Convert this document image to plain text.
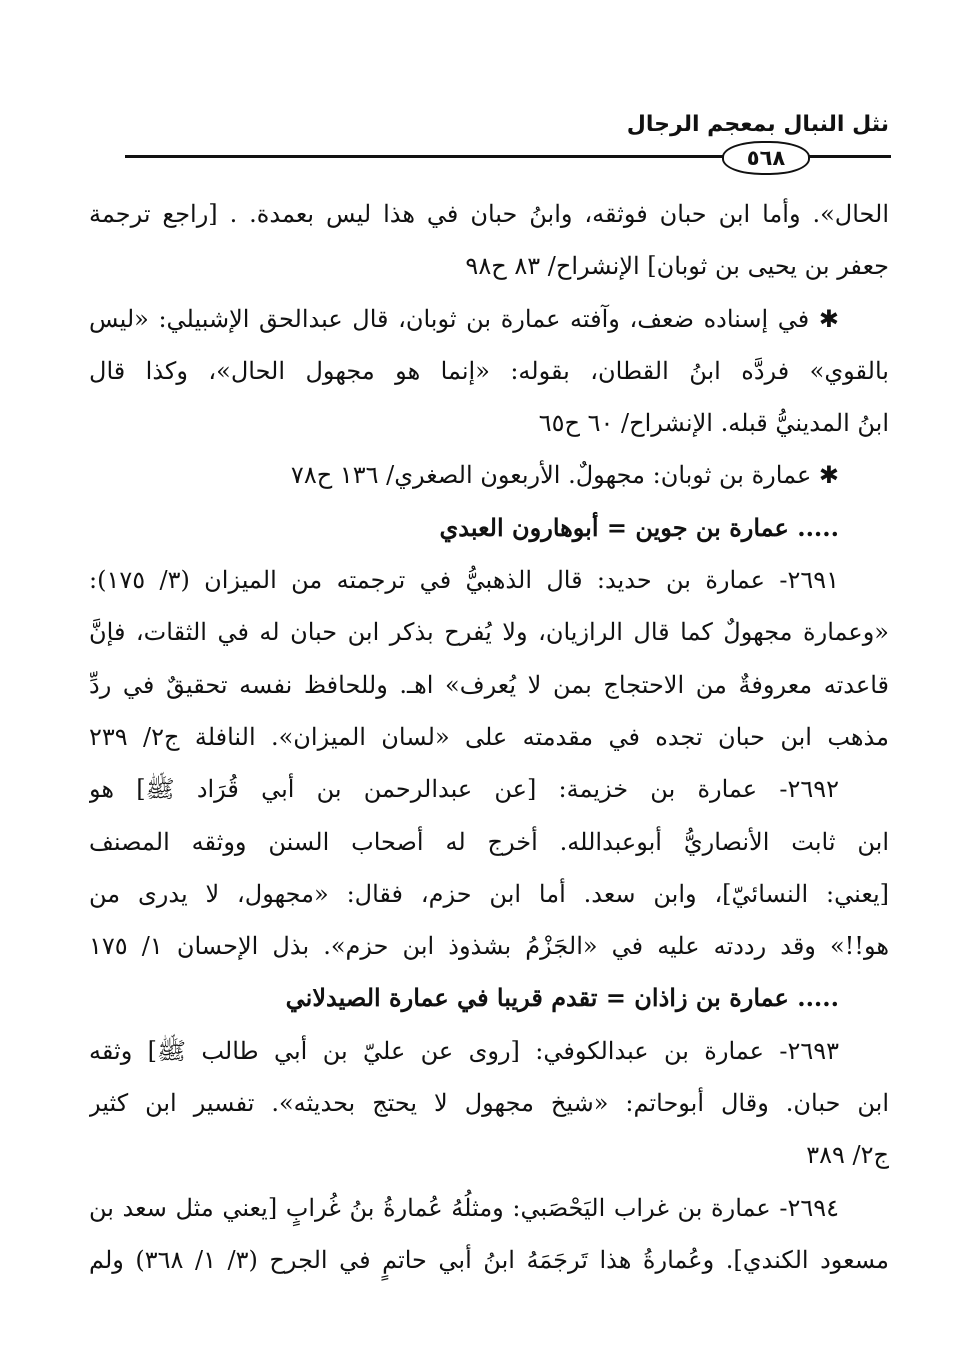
نثل النبال بمعجم الرجال
٥٦٨
الحال». وأما ابن حبان فوثقه، وابنُ حبان في هذا ليس بعمدة. . [راجع ترجمة
جعفر بن يحيى بن ثوبان] الإنشراح/ ٨٣ ح٩٨
✱ في إسناده ضعف، وآفته عمارة بن ثوبان، قال عبدالحق الإشبيلي: «ليس
بالقوي» فردَّه ابنُ القطان، بقوله: «إنما هو مجهول الحال»، وكذا قال
ابنُ المدينيُّ قبله. الإنشراح/ ٦٠ ح٦٥
✱ عمارة بن ثوبان: مجهولٌ. الأربعون الصغري/ ١٣٦ ح٧٨
..... عمارة بن جوين = أبوهارون العبدي
٢٦٩١- عمارة بن حديد: قال الذهبيُّ في ترجمته من الميزان (٣/ ١٧٥):
«وعمارة مجهولٌ كما قال الرازيان، ولا يُفرح بذكر ابن حبان له في الثقات، فإنَّ
قاعدته معروفةٌ من الاحتجاج بمن لا يُعرف» اهـ. وللحافظ نفسه تحقيقٌ في ردِّ
مذهب ابن حبان تجده في مقدمته على «لسان الميزان». النافلة ج٢/ ٢٣٩
٢٦٩٢- عمارة بن خزيمة: [عن عبدالرحمن بن أبي قُرَاد ﷺ] هو
ابن ثابت الأنصاريُّ أبوعبدالله. أخرج له أصحاب السنن ووثقه المصنف
[يعني: النسائيّ]، وابن سعد. أما ابن حزم، فقال: «مجهول، لا يدرى من
هو!!» وقد رددته عليه في «الجَزْمُ بشذوذ ابن حزم». بذل الإحسان ١/ ١٧٥
..... عمارة بن زاذان = تقدم قريبا في عمارة الصيدلاني
٢٦٩٣- عمارة بن عبدالكوفي: [روى عن عليّ بن أبي طالب ﷺ] وثقه
ابن حبان. وقال أبوحاتم: «شيخ مجهول لا يحتج بحديثه». تفسير ابن كثير
ج٢/ ٣٨٩
٢٦٩٤- عمارة بن غراب اليَحْصَبي: ومثلُهُ عُمارةُ بنُ غُرابٍ [يعني مثل سعد بن
مسعود الكندي]. وعُمارةُ هذا تَرجَمَهُ ابنُ أبي حاتمٍ في الجرح (٣/ ١/ ٣٦٨) ولم
